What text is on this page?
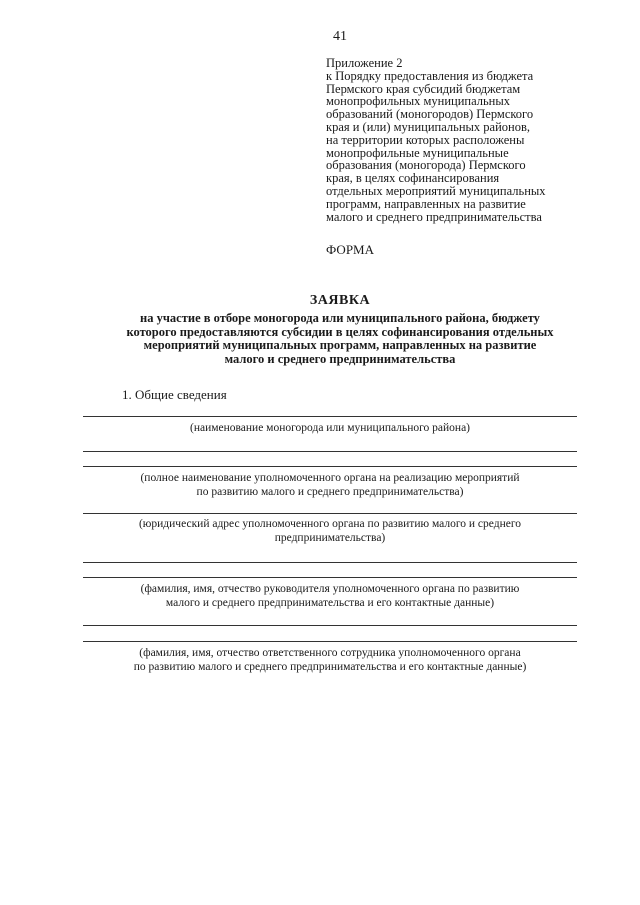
41
Приложение 2
к Порядку предоставления из бюджета
Пермского края субсидий бюджетам
монопрофильных муниципальных
образований (моногородов) Пермского
края и (или) муниципальных районов,
на территории которых расположены
монопрофильные муниципальные
образования (моногорода) Пермского
края, в целях софинансирования
отдельных мероприятий муниципальных
программ, направленных на развитие
малого и среднего предпринимательства
ФОРМА
ЗАЯВКА
на участие в отборе моногорода или муниципального района, бюджету
которого предоставляются субсидии в целях софинансирования отдельных
мероприятий муниципальных программ, направленных на развитие
малого и среднего предпринимательства
1. Общие сведения
(наименование моногорода или муниципального района)
(полное наименование уполномоченного органа на реализацию мероприятий
по развитию малого и среднего предпринимательства)
(юридический адрес уполномоченного органа по развитию малого и среднего
предпринимательства)
(фамилия, имя, отчество руководителя уполномоченного органа по развитию
малого и среднего предпринимательства и его контактные данные)
(фамилия, имя, отчество ответственного сотрудника уполномоченного органа
по развитию малого и среднего предпринимательства и его контактные данные)
